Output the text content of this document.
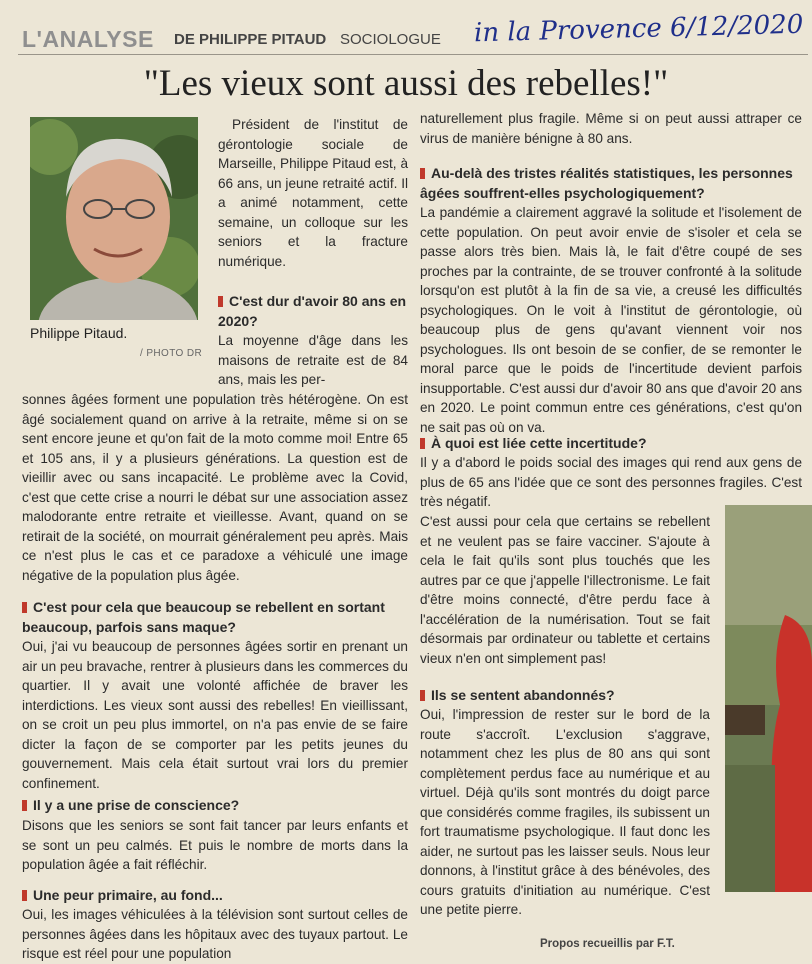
L'ANALYSE DE PHILIPPE PITAUD SOCIOLOGUE in la Provence 6/12/2020
"Les vieux sont aussi des rebelles!"
Philippe Pitaud.
/ PHOTO DR
Président de l'institut de gérontologie sociale de Marseille, Philippe Pitaud est, à 66 ans, un jeune retraité actif. Il a animé notamment, cette semaine, un colloque sur les seniors et la fracture numérique.
C'est dur d'avoir 80 ans en 2020?
La moyenne d'âge dans les maisons de retraite est de 84 ans, mais les per-
sonnes âgées forment une population très hétérogène. On est âgé socialement quand on arrive à la retraite, même si on se sent encore jeune et qu'on fait de la moto comme moi! Entre 65 et 105 ans, il y a plusieurs générations. La question est de vieillir avec ou sans incapacité. Le problème avec la Covid, c'est que cette crise a nourri le débat sur une association assez malodorante entre retraite et vieillesse. Avant, quand on se retirait de la société, on mourrait généralement peu après. Mais ce n'est plus le cas et ce paradoxe a véhiculé une image négative de la population plus âgée.
C'est pour cela que beaucoup se rebellent en sortant beaucoup, parfois sans maque?
Oui, j'ai vu beaucoup de personnes âgées sortir en prenant un air un peu bravache, rentrer à plusieurs dans les commerces du quartier. Il y avait une volonté affichée de braver les interdictions. Les vieux sont aussi des rebelles! En vieillissant, on se croit un peu plus immortel, on n'a pas envie de se faire dicter la façon de se comporter par les petits jeunes du gouvernement. Mais cela était surtout vrai lors du premier confinement.
Il y a une prise de conscience?
Disons que les seniors se sont fait tancer par leurs enfants et se sont un peu calmés. Et puis le nombre de morts dans la population âgée a fait réfléchir.
Une peur primaire, au fond...
Oui, les images véhiculées à la télévision sont surtout celles de personnes âgées dans les hôpitaux avec des tuyaux partout. Le risque est réel pour une population
naturellement plus fragile. Même si on peut aussi attraper ce virus de manière bénigne à 80 ans.
Au-delà des tristes réalités statistiques, les personnes âgées souffrent-elles psychologiquement?
La pandémie a clairement aggravé la solitude et l'isolement de cette population. On peut avoir envie de s'isoler et cela se passe alors très bien. Mais là, le fait d'être coupé de ses proches par la contrainte, de se trouver confronté à la solitude lorsqu'on est plutôt à la fin de sa vie, a creusé les difficultés psychologiques. On le voit à l'institut de gérontologie, où beaucoup plus de gens qu'avant viennent voir nos psychologues. Ils ont besoin de se confier, de se remonter le moral parce que le poids de l'incertitude devient parfois insupportable. C'est aussi dur d'avoir 80 ans que d'avoir 20 ans en 2020. Le point commun entre ces générations, c'est qu'on ne sait pas où on va.
À quoi est liée cette incertitude?
Il y a d'abord le poids social des images qui rend aux gens de plus de 65 ans l'idée que ce sont des personnes fragiles. C'est très négatif.
C'est aussi pour cela que certains se rebellent et ne veulent pas se faire vacciner. S'ajoute à cela le fait qu'ils sont plus touchés que les autres par ce que j'appelle l'illectronisme. Le fait d'être moins connecté, d'être perdu face à l'accélération de la numérisation. Tout se fait désormais par ordinateur ou tablette et certains vieux n'en ont simplement pas!
Ils se sentent abandonnés?
Oui, l'impression de rester sur le bord de la route s'accroît. L'exclusion s'aggrave, notamment chez les plus de 80 ans qui sont complètement perdus face au numérique et au virtuel. Déjà qu'ils sont montrés du doigt parce que considérés comme fragiles, ils subissent un fort traumatisme psychologique. Il faut donc les aider, ne surtout pas les laisser seuls. Nous leur donnons, à l'institut grâce à des bénévoles, des cours gratuits d'initiation au numérique. C'est une petite pierre.
Propos recueillis par F.T.
